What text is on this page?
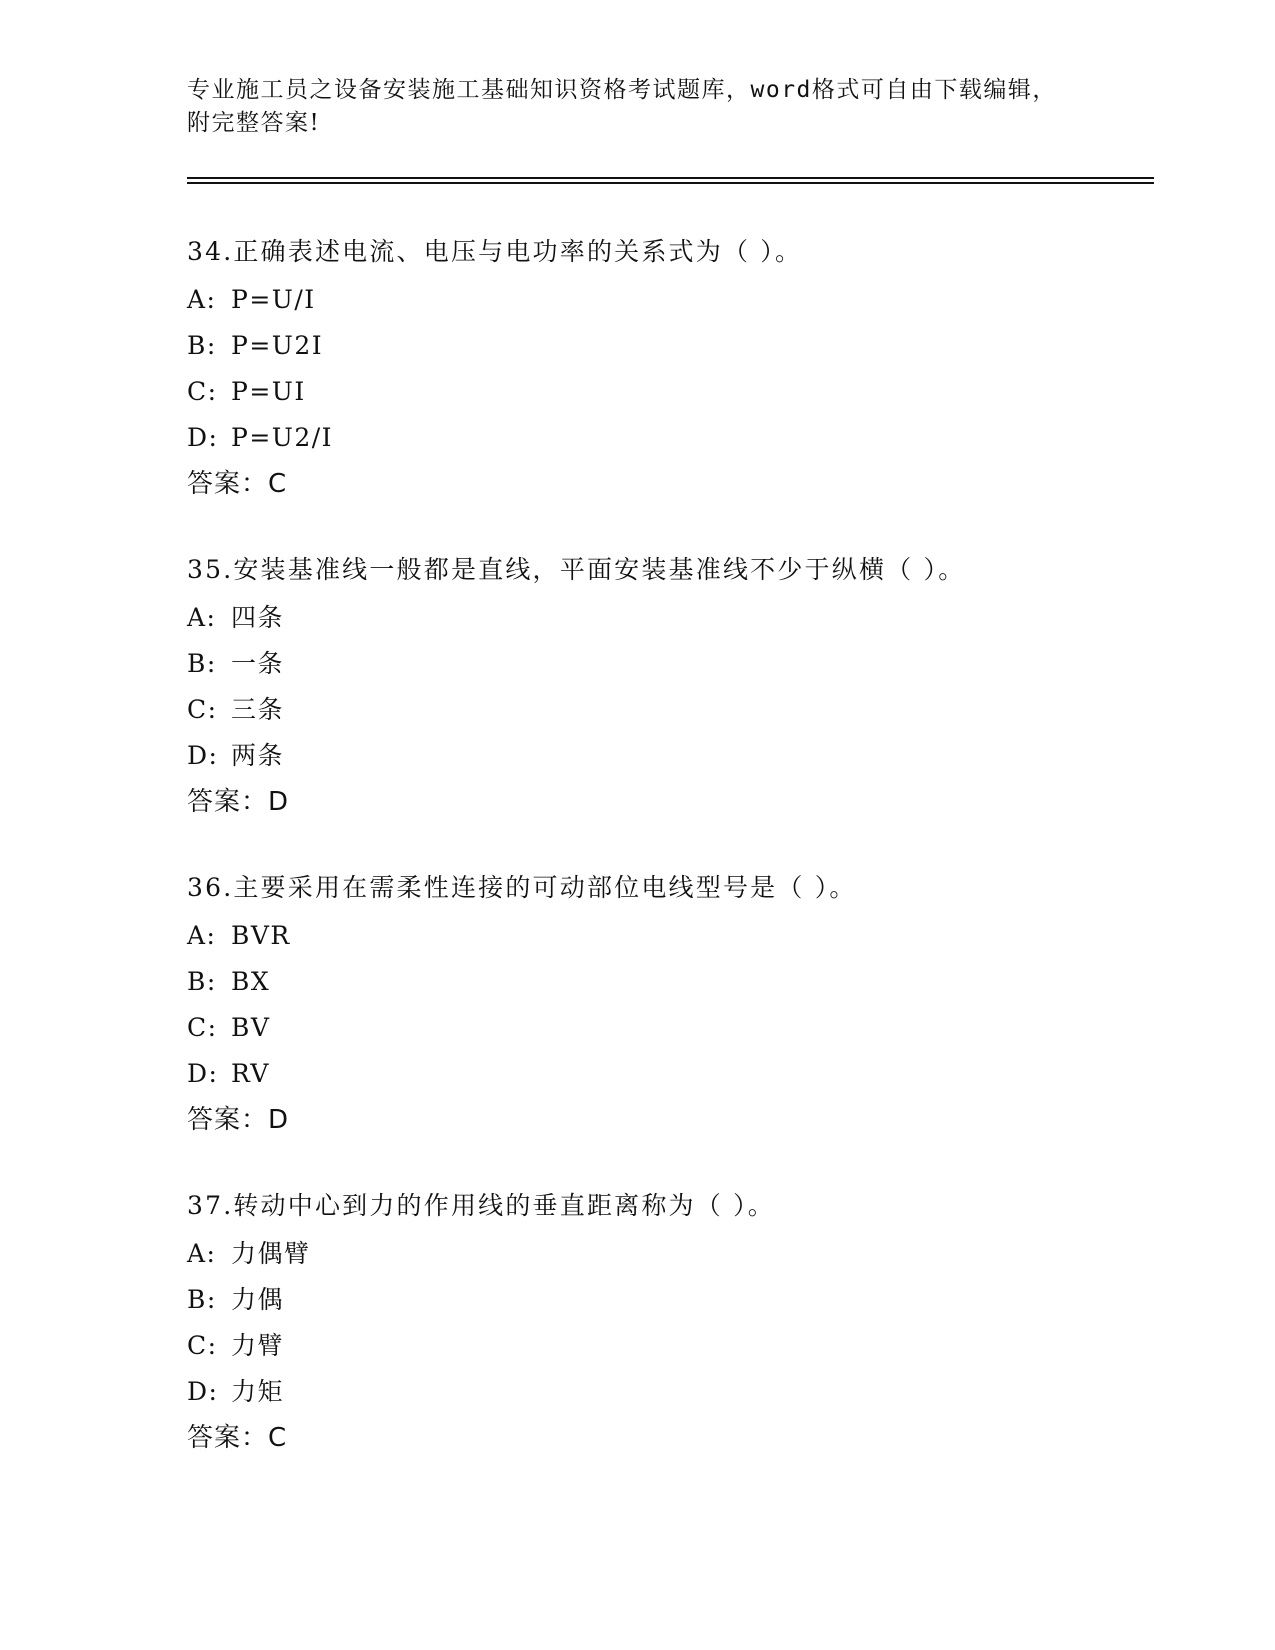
专业施工员之设备安装施工基础知识资格考试题库，word格式可自由下载编辑，
附完整答案!
34.正确表述电流、电压与电功率的关系式为（ ）。
A: P=U/I
B: P=U2I
C: P=UI
D: P=U2/I
答案：C
35.安装基准线一般都是直线，平面安装基准线不少于纵横（ ）。
A: 四条
B: 一条
C: 三条
D: 两条
答案：D
36.主要采用在需柔性连接的可动部位电线型号是（ ）。
A: BVR
B: BX
C: BV
D: RV
答案：D
37.转动中心到力的作用线的垂直距离称为（ ）。
A: 力偶臂
B: 力偶
C: 力臂
D: 力矩
答案：C
